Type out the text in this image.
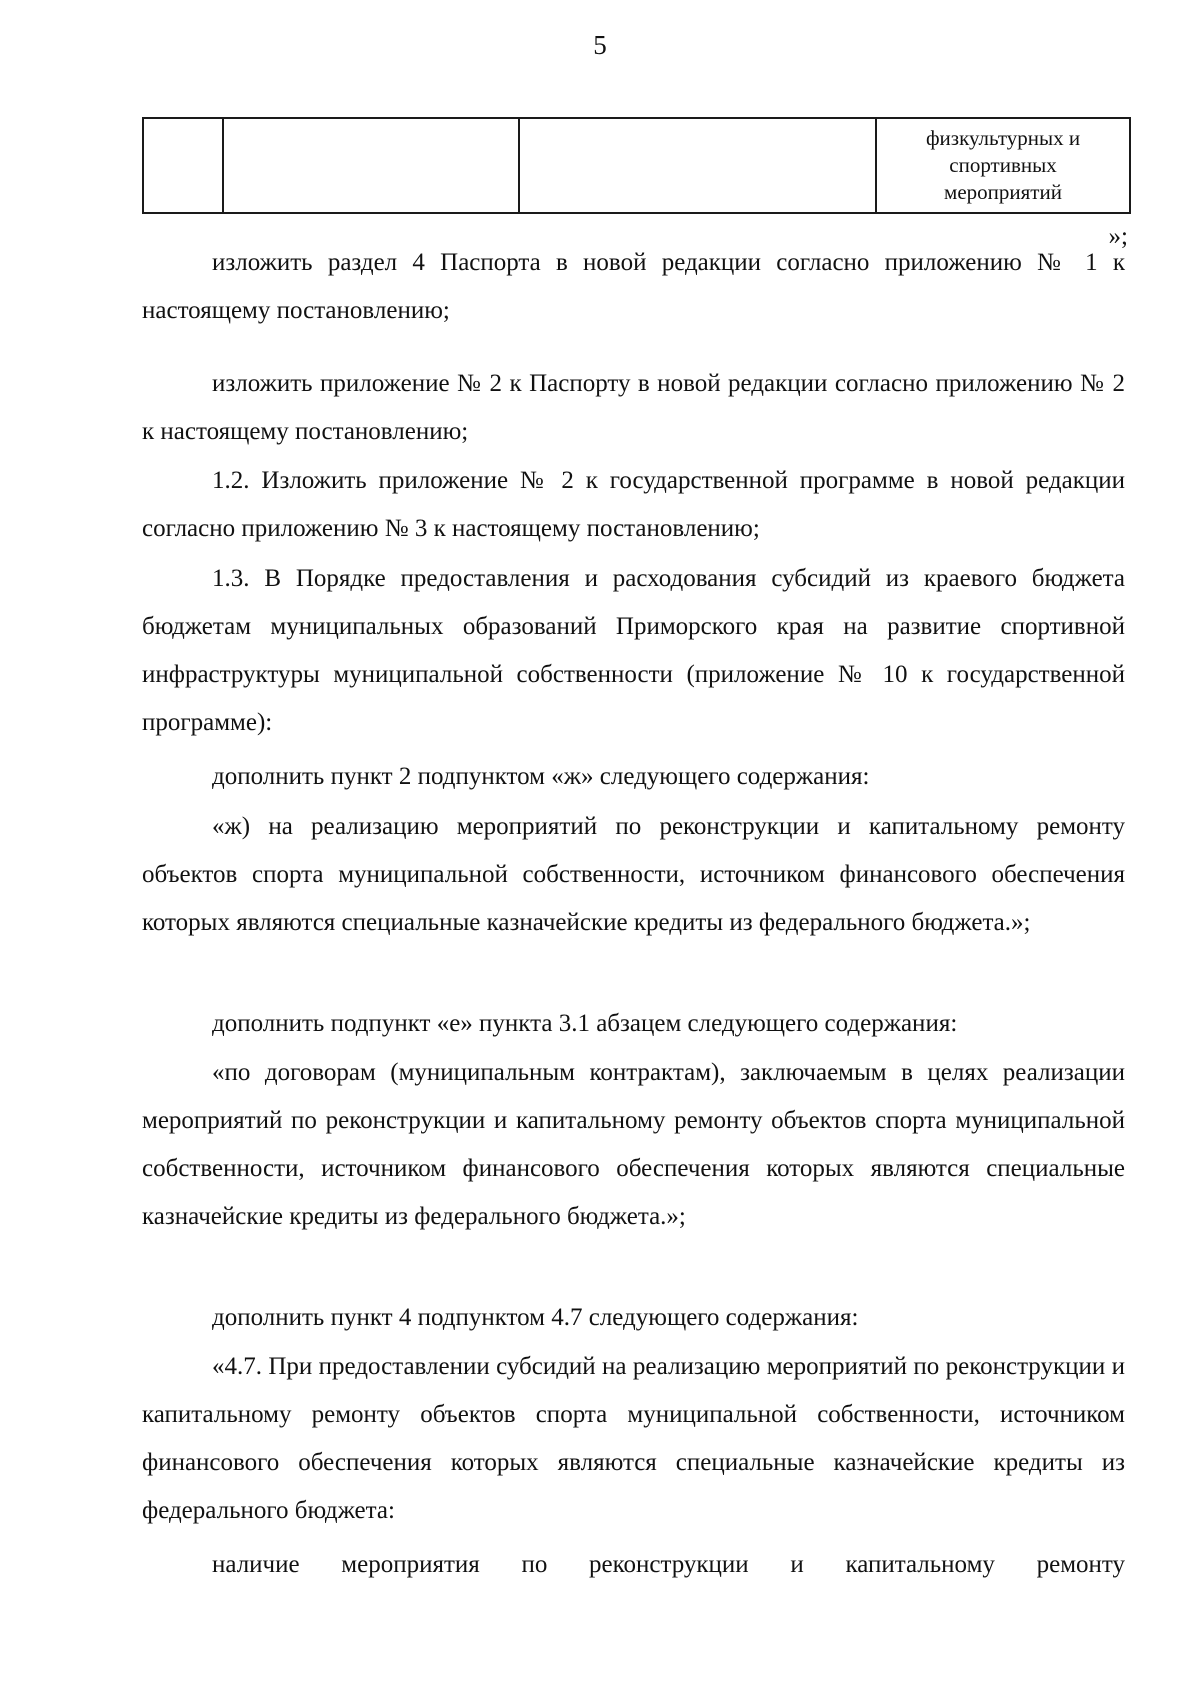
5
			физкультурных и
спортивных
мероприятий
»;

изложить раздел 4 Паспорта в новой редакции согласно приложению № 1 к настоящему постановлению;

изложить приложение № 2 к Паспорту в новой редакции согласно приложению № 2 к настоящему постановлению;

1.2. Изложить приложение № 2 к государственной программе в новой редакции согласно приложению № 3 к настоящему постановлению;

1.3. В Порядке предоставления и расходования субсидий из краевого бюджета бюджетам муниципальных образований Приморского края на развитие спортивной инфраструктуры муниципальной собственности (приложение № 10 к государственной программе):

дополнить пункт 2 подпунктом «ж» следующего содержания:

«ж) на реализацию мероприятий по реконструкции и капитальному ремонту объектов спорта муниципальной собственности, источником финансового обеспечения которых являются специальные казначейские кредиты из федерального бюджета.»;

дополнить подпункт «е» пункта 3.1 абзацем следующего содержания:

«по договорам (муниципальным контрактам), заключаемым в целях реализации мероприятий по реконструкции и капитальному ремонту объектов спорта муниципальной собственности, источником финансового обеспечения которых являются специальные казначейские кредиты из федерального бюджета.»;

дополнить пункт 4 подпунктом 4.7 следующего содержания:

«4.7. При предоставлении субсидий на реализацию мероприятий по реконструкции и капитальному ремонту объектов спорта муниципальной собственности, источником финансового обеспечения которых являются специальные казначейские кредиты из федерального бюджета:

наличие мероприятия по реконструкции и капитальному ремонту
